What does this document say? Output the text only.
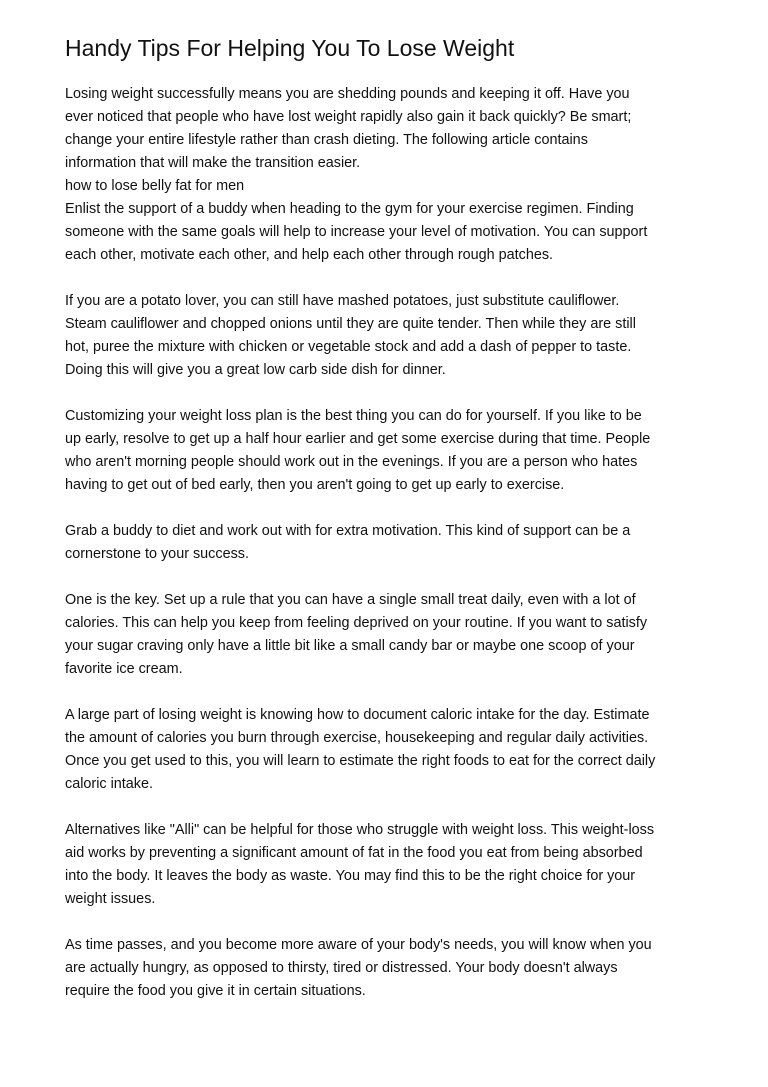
Handy Tips For Helping You To Lose Weight

Losing weight successfully means you are shedding pounds and keeping it off. Have you
ever noticed that people who have lost weight rapidly also gain it back quickly? Be smart;
change your entire lifestyle rather than crash dieting. The following article contains
information that will make the transition easier.

how to lose belly fat for men

Enlist the support of a buddy when heading to the gym for your exercise regimen. Finding
someone with the same goals will help to increase your level of motivation. You can support
each other, motivate each other, and help each other through rough patches.

If you are a potato lover, you can still have mashed potatoes, just substitute cauliflower.
Steam cauliflower and chopped onions until they are quite tender. Then while they are still
hot, puree the mixture with chicken or vegetable stock and add a dash of pepper to taste.
Doing this will give you a great low carb side dish for dinner.

Customizing your weight loss plan is the best thing you can do for yourself. If you like to be
up early, resolve to get up a half hour earlier and get some exercise during that time. People
who aren't morning people should work out in the evenings. If you are a person who hates
having to get out of bed early, then you aren't going to get up early to exercise.

Grab a buddy to diet and work out with for extra motivation. This kind of support can be a
cornerstone to your success.

One is the key. Set up a rule that you can have a single small treat daily, even with a lot of
calories. This can help you keep from feeling deprived on your routine. If you want to satisfy
your sugar craving only have a little bit like a small candy bar or maybe one scoop of your
favorite ice cream.

A large part of losing weight is knowing how to document caloric intake for the day. Estimate
the amount of calories you burn through exercise, housekeeping and regular daily activities.
Once you get used to this, you will learn to estimate the right foods to eat for the correct daily
caloric intake.

Alternatives like "Alli" can be helpful for those who struggle with weight loss. This weight-loss
aid works by preventing a significant amount of fat in the food you eat from being absorbed
into the body. It leaves the body as waste. You may find this to be the right choice for your
weight issues.

As time passes, and you become more aware of your body's needs, you will know when you
are actually hungry, as opposed to thirsty, tired or distressed. Your body doesn't always
require the food you give it in certain situations.
